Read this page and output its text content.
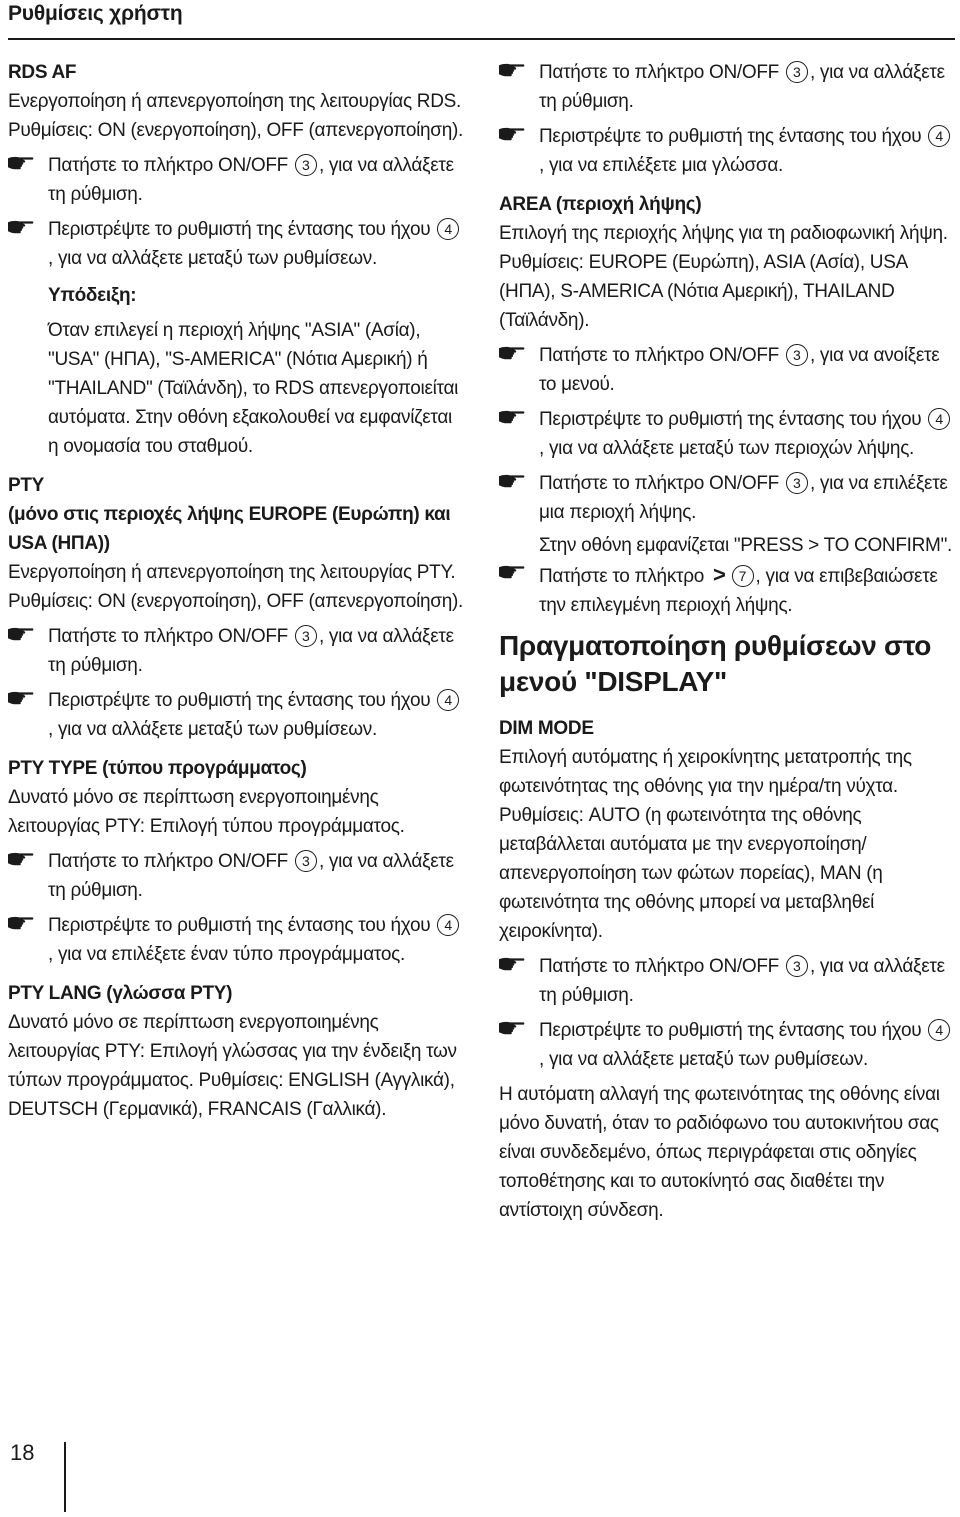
Ρυθμίσεις χρήστη

RDS AF

Ενεργοποίηση ή απενεργοποίηση της λειτουργίας RDS. Ρυθμίσεις: ON (ενεργοποίηση), OFF (απενεργοποίηση).

Πατήστε το πλήκτρο ON/OFF 3 , για να αλλάξετε τη ρύθμιση.

Περιστρέψτε το ρυθμιστή της έντασης του ήχου 4, για να αλλάξετε μεταξύ των ρυθμίσεων.

Υπόδειξη:

Όταν επιλεγεί η περιοχή λήψης "ASIA" (Ασία), "USA" (ΗΠΑ), "S-AMERICA" (Νότια Αμερική) ή "THAILAND" (Ταϊλάνδη), το RDS απενεργοποιείται αυτόματα. Στην οθόνη εξακολουθεί να εμφανίζεται η ονομασία του σταθμού.

PTY

(μόνο στις περιοχές λήψης EUROPE (Ευρώπη) και USA (ΗΠΑ))

Ενεργοποίηση ή απενεργοποίηση της λειτουργίας PTY. Ρυθμίσεις: ON (ενεργοποίηση), OFF (απενεργοποίηση).

Πατήστε το πλήκτρο ON/OFF 3 , για να αλλάξετε τη ρύθμιση.

Περιστρέψτε το ρυθμιστή της έντασης του ήχου 4, για να αλλάξετε μεταξύ των ρυθμίσεων.

PTY TYPE (τύπου προγράμματος)

Δυνατό μόνο σε περίπτωση ενεργοποιημένης λειτουργίας PTY: Επιλογή τύπου προγράμματος.

Πατήστε το πλήκτρο ON/OFF 3 , για να αλλάξετε τη ρύθμιση.

Περιστρέψτε το ρυθμιστή της έντασης του ήχου 4, για να επιλέξετε έναν τύπο προγράμματος.

PTY LANG (γλώσσα PTY)

Δυνατό μόνο σε περίπτωση ενεργοποιημένης λειτουργίας PTY: Επιλογή γλώσσας για την ένδειξη των τύπων προγράμματος. Ρυθμίσεις: ENGLISH (Αγγλικά), DEUTSCH (Γερμανικά), FRANCAIS (Γαλλικά).

Πατήστε το πλήκτρο ON/OFF 3 , για να αλλάξετε τη ρύθμιση.

Περιστρέψτε το ρυθμιστή της έντασης του ήχου 4, για να επιλέξετε μια γλώσσα.

AREA (περιοχή λήψης)

Επιλογή της περιοχής λήψης για τη ραδιοφωνική λήψη. Ρυθμίσεις: EUROPE (Ευρώπη), ASIA (Ασία), USA (ΗΠΑ), S-AMERICA (Νότια Αμερική), THAILAND (Ταϊλάνδη).

Πατήστε το πλήκτρο ON/OFF 3 , για να ανοίξετε το μενού.

Περιστρέψτε το ρυθμιστή της έντασης του ήχου 4, για να αλλάξετε μεταξύ των περιοχών λήψης.

Πατήστε το πλήκτρο ON/OFF 3 , για να επιλέξετε μια περιοχή λήψης.

Στην οθόνη εμφανίζεται "PRESS > TO CONFIRM".

Πατήστε το πλήκτρο > 7 , για να επιβεβαιώσετε την επιλεγμένη περιοχή λήψης.

Πραγματοποίηση ρυθμίσεων στο μενού "DISPLAY"

DIM MODE

Επιλογή αυτόματης ή χειροκίνητης μετατροπής της φωτεινότητας της οθόνης για την ημέρα/τη νύχτα. Ρυθμίσεις: AUTO (η φωτεινότητα της οθόνης μεταβάλλεται αυτόματα με την ενεργοποίηση/απενεργοποίηση των φώτων πορείας), MAN (η φωτεινότητα της οθόνης μπορεί να μεταβληθεί χειροκίνητα).

Πατήστε το πλήκτρο ON/OFF 3 , για να αλλάξετε τη ρύθμιση.

Περιστρέψτε το ρυθμιστή της έντασης του ήχου 4, για να αλλάξετε μεταξύ των ρυθμίσεων.

Η αυτόματη αλλαγή της φωτεινότητας της οθόνης είναι μόνο δυνατή, όταν το ραδιόφωνο του αυτοκινήτου σας είναι συνδεδεμένο, όπως περιγράφεται στις οδηγίες τοποθέτησης και το αυτοκίνητό σας διαθέτει την αντίστοιχη σύνδεση.

18
